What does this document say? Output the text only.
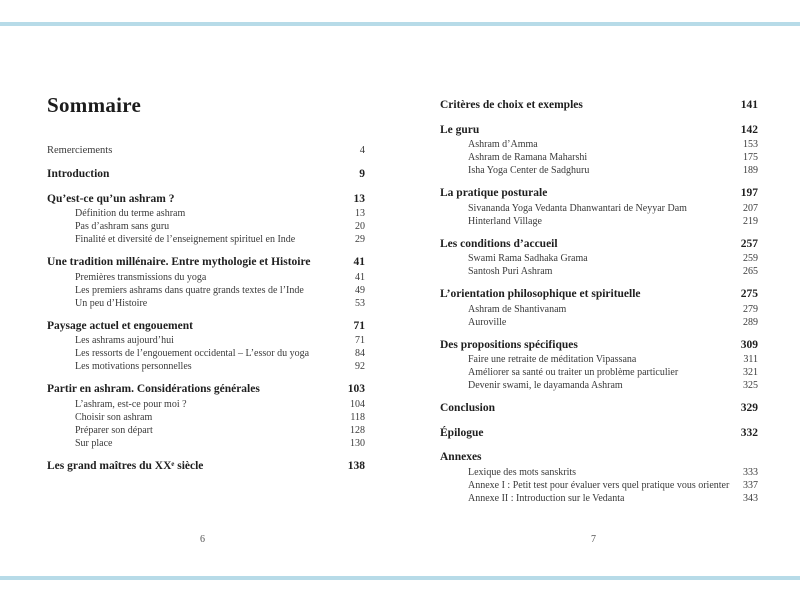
Sommaire
Remerciements	4
Introduction	9
Qu’est-ce qu’un ashram ?	13
Définition du terme ashram	13
Pas d’ashram sans guru	20
Finalité et diversité de l’enseignement spirituel en Inde	29
Une tradition millénaire. Entre mythologie et Histoire	41
Premières transmissions du yoga	41
Les premiers ashrams dans quatre grands textes de l’Inde	49
Un peu d’Histoire	53
Paysage actuel et engouement	71
Les ashrams aujourd’hui	71
Les ressorts de l’engouement occidental – L’essor du yoga	84
Les motivations personnelles	92
Partir en ashram. Considérations générales	103
L’ashram, est-ce pour moi ?	104
Choisir son ashram	118
Préparer son départ	128
Sur place	130
Les grand maîtres du XXᵉ siècle	138
Critères de choix et exemples	141
Le guru	142
Ashram d’Amma	153
Ashram de Ramana Maharshi	175
Isha Yoga Center de Sadghuru	189
La pratique posturale	197
Sivananda Yoga Vedanta Dhanwantari de Neyyar Dam	207
Hinterland Village	219
Les conditions d’accueil	257
Swami Rama Sadhaka Grama	259
Santosh Puri Ashram	265
L’orientation philosophique et spirituelle	275
Ashram de Shantivanam	279
Auroville	289
Des propositions spécifiques	309
Faire une retraite de méditation Vipassana	311
Améliorer sa santé ou traiter un problème particulier	321
Devenir swami, le dayamanda Ashram	325
Conclusion	329
Épilogue	332
Annexes
Lexique des mots sanskrits	333
Annexe I : Petit test pour évaluer vers quel pratique vous orienter 337
Annexe II : Introduction sur le Vedanta	343
6	7
